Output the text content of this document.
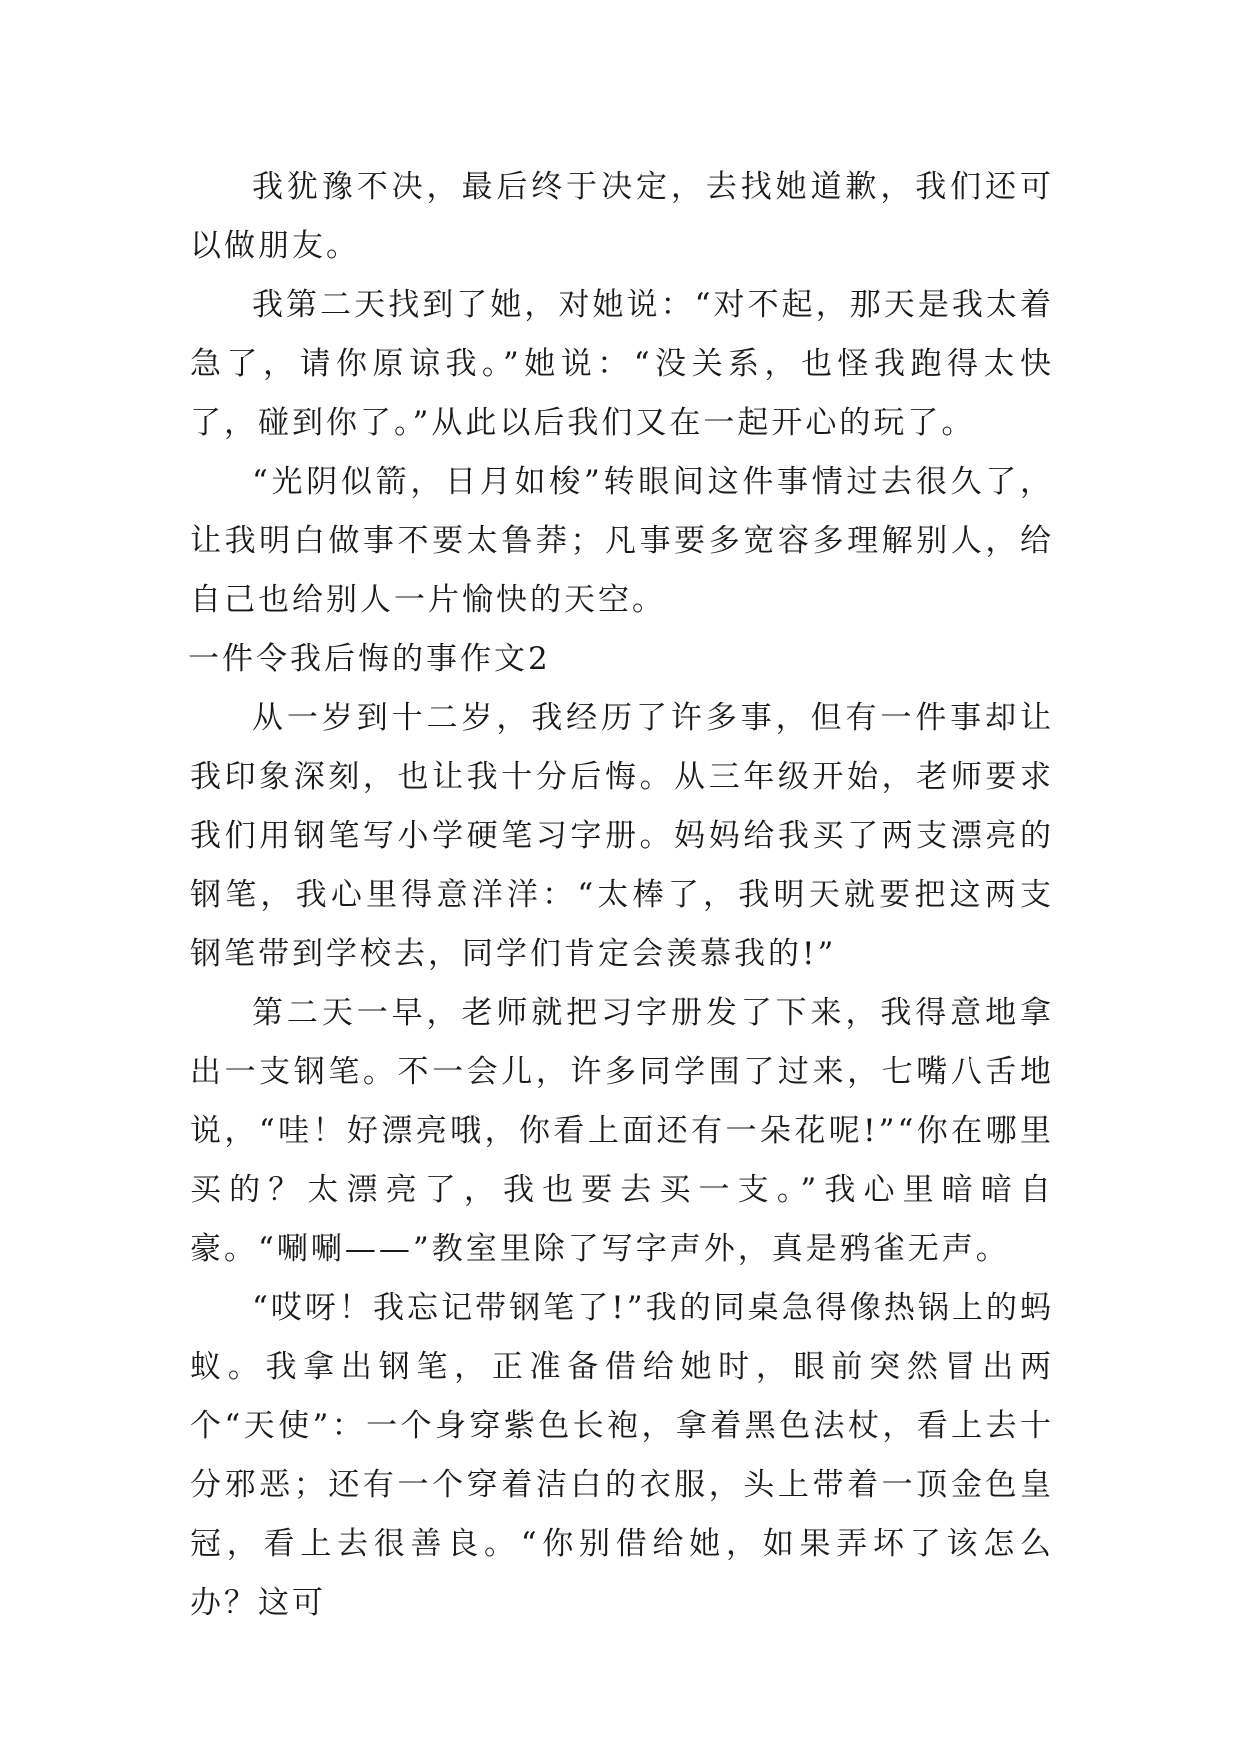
我犹豫不决，最后终于决定，去找她道歉，我们还可以做朋友。

我第二天找到了她，对她说：“对不起，那天是我太着急了，请你原谅我。”她说：“没关系，也怪我跑得太快了，碰到你了。”从此以后我们又在一起开心的玩了。

“光阴似箭，日月如梭”转眼间这件事情过去很久了，让我明白做事不要太鲁莽；凡事要多宽容多理解别人，给自己也给别人一片愉快的天空。

一件令我后悔的事作文2

从一岁到十二岁，我经历了许多事，但有一件事却让我印象深刻，也让我十分后悔。从三年级开始，老师要求我们用钢笔写小学硬笔习字册。妈妈给我买了两支漂亮的钢笔，我心里得意洋洋：“太棒了，我明天就要把这两支钢笔带到学校去，同学们肯定会羡慕我的!”

第二天一早，老师就把习字册发了下来，我得意地拿出一支钢笔。不一会儿，许多同学围了过来，七嘴八舌地说，“哇！好漂亮哦，你看上面还有一朵花呢!”“你在哪里买的？太漂亮了，我也要去买一支。”我心里暗暗自豪。“唰唰——”教室里除了写字声外，真是鸦雀无声。

“哎呀！我忘记带钢笔了!”我的同桌急得像热锅上的蚂蚁。我拿出钢笔，正准备借给她时，眼前突然冒出两个“天使”：一个身穿紫色长袍，拿着黑色法杖，看上去十分邪恶；还有一个穿着洁白的衣服，头上带着一顶金色皇冠，看上去很善良。“你别借给她，如果弄坏了该怎么办？这可
